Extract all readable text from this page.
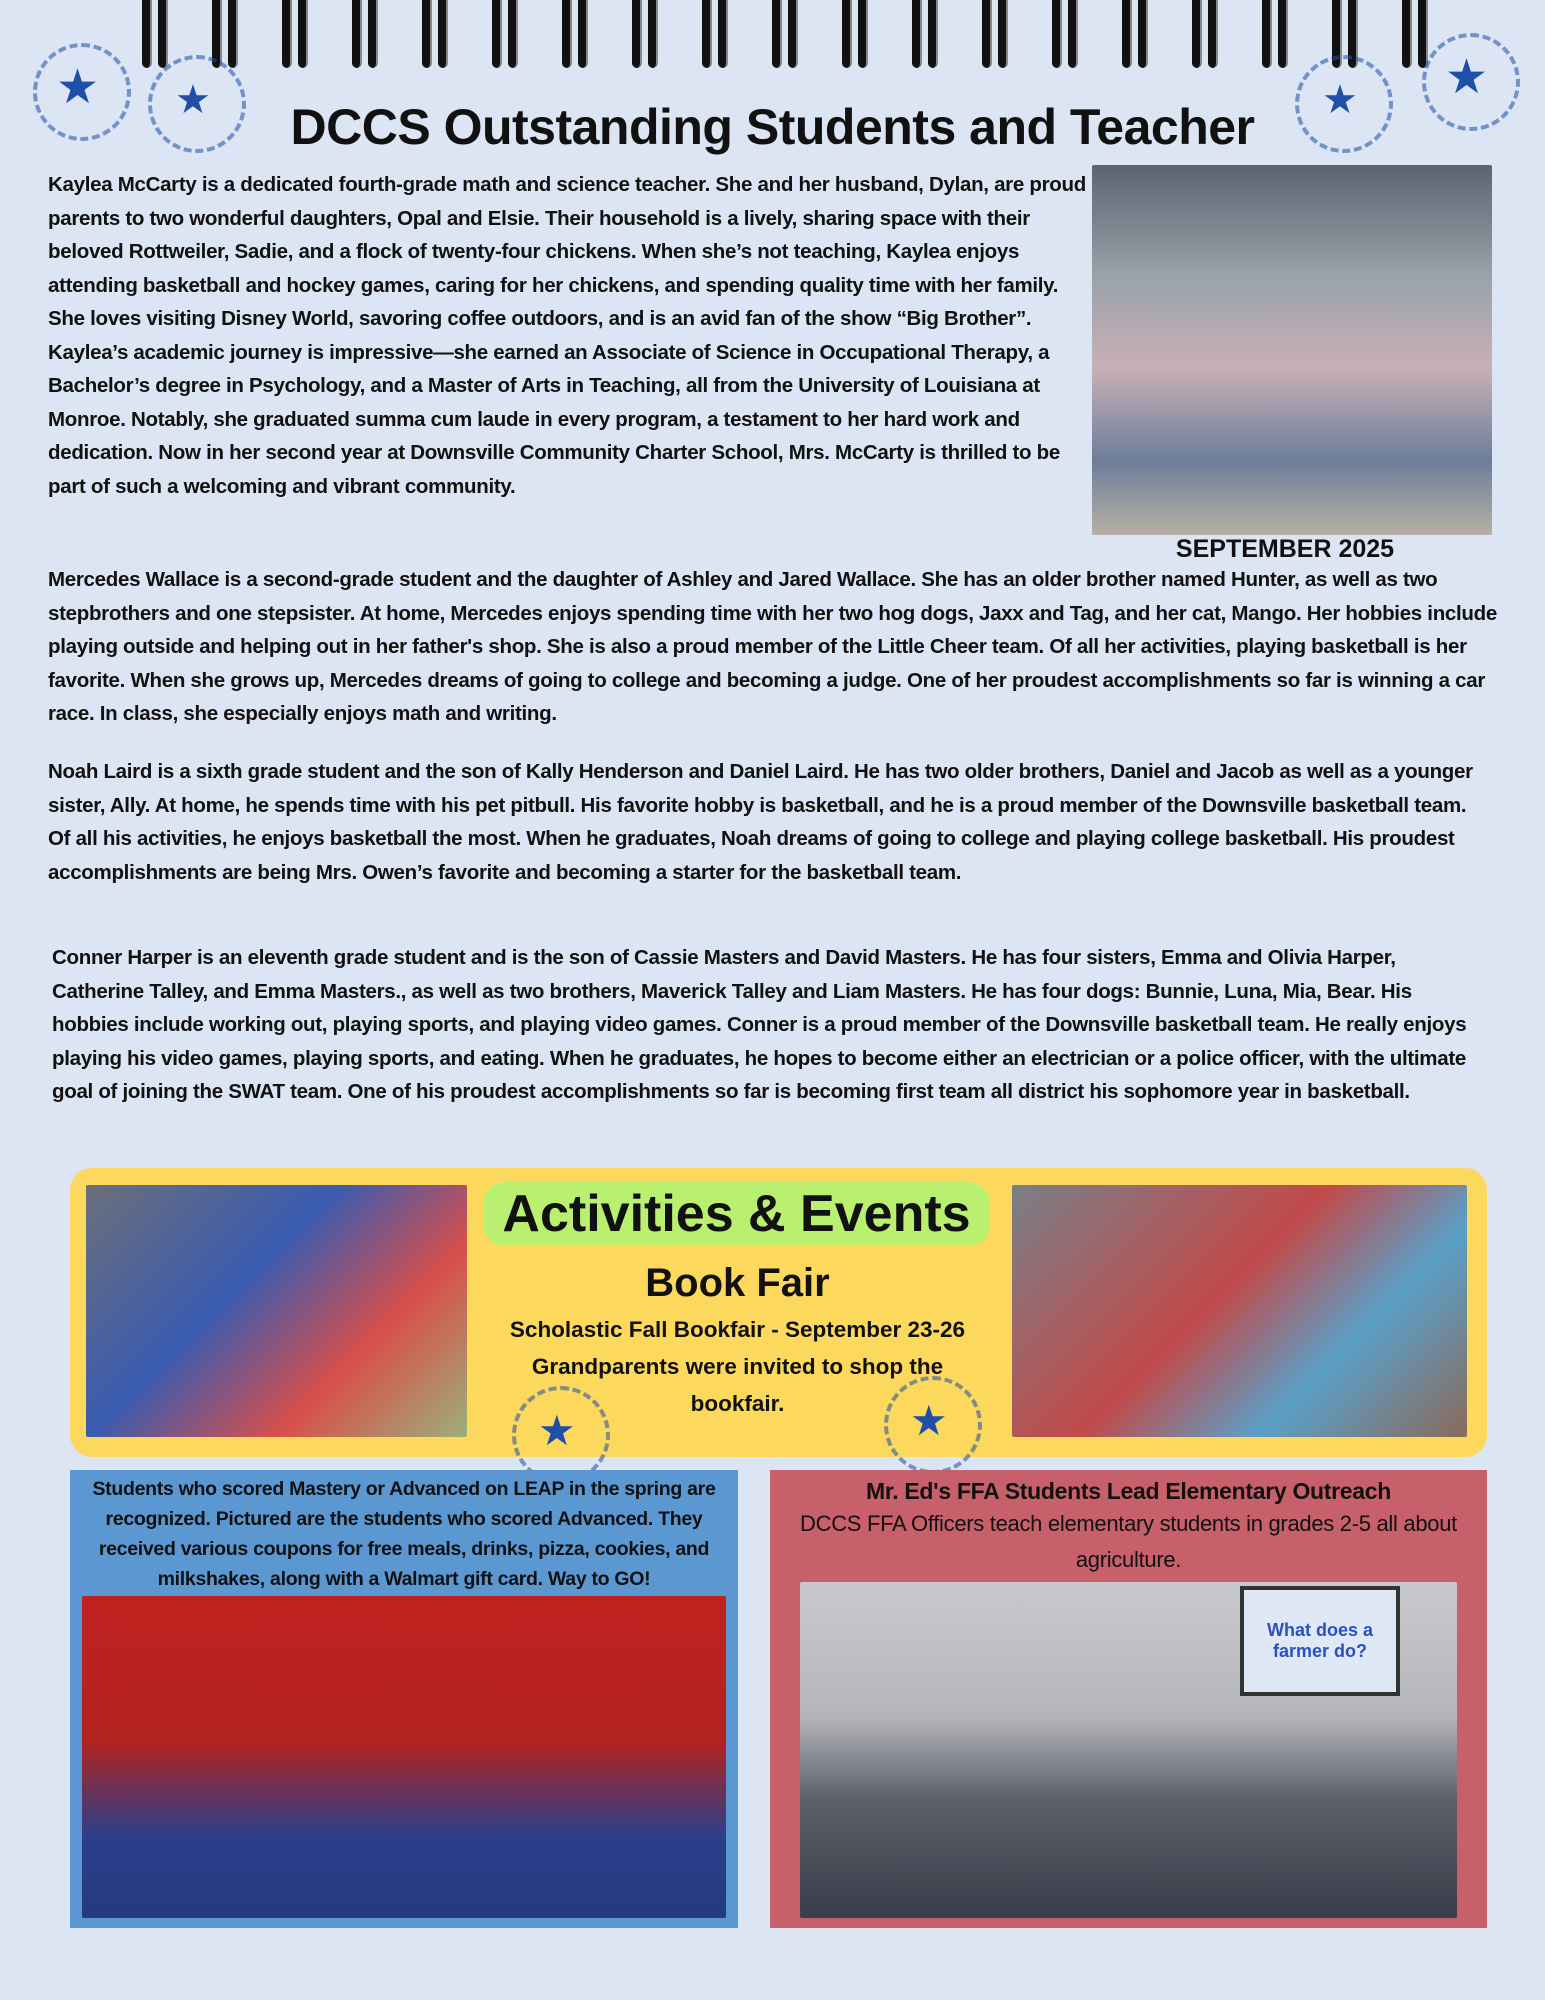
★ ★	★ ★
DCCS Outstanding Students and Teacher
Kaylea McCarty is a dedicated fourth-grade math and science teacher. She and her husband, Dylan, are proud parents to two wonderful daughters, Opal and Elsie. Their household is a lively, sharing space with their beloved Rottweiler, Sadie, and a flock of twenty-four chickens. When she’s not teaching, Kaylea enjoys attending basketball and hockey games, caring for her chickens, and spending quality time with her family. She loves visiting Disney World, savoring coffee outdoors, and is an avid fan of the show “Big Brother”. Kaylea’s academic journey is impressive—she earned an Associate of Science in Occupational Therapy, a Bachelor’s degree in Psychology, and a Master of Arts in Teaching, all from the University of Louisiana at Monroe. Notably, she graduated summa cum laude in every program, a testament to her hard work and dedication. Now in her second year at Downsville Community Charter School, Mrs. McCarty is thrilled to be part of such a welcoming and vibrant community.
SEPTEMBER 2025
Mercedes Wallace is a second-grade student and the daughter of Ashley and Jared Wallace. She has an older brother named Hunter, as well as two stepbrothers and one stepsister. At home, Mercedes enjoys spending time with her two hog dogs, Jaxx and Tag, and her cat, Mango. Her hobbies include playing outside and helping out in her father's shop. She is also a proud member of the Little Cheer team. Of all her activities, playing basketball is her favorite. When she grows up, Mercedes dreams of going to college and becoming a judge. One of her proudest accomplishments so far is winning a car race. In class, she especially enjoys math and writing.
Noah Laird is a sixth grade student and the son of Kally Henderson and Daniel Laird. He has two older brothers, Daniel and Jacob as well as a younger sister, Ally. At home, he spends time with his pet pitbull. His favorite hobby is basketball, and he is a proud member of the Downsville basketball team. Of all his activities, he enjoys basketball the most. When he graduates, Noah dreams of going to college and playing college basketball. His proudest accomplishments are being Mrs. Owen’s favorite and becoming a starter for the basketball team.
Conner Harper is an eleventh grade student and is the son of Cassie Masters and David Masters. He has four sisters, Emma and Olivia Harper, Catherine Talley, and Emma Masters., as well as two brothers, Maverick Talley and Liam Masters. He has four dogs: Bunnie, Luna, Mia, Bear. His hobbies include working out, playing sports, and playing video games. Conner is a proud member of the Downsville basketball team. He really enjoys playing his video games, playing sports, and eating. When he graduates, he hopes to become either an electrician or a police officer, with the ultimate goal of joining the SWAT team. One of his proudest accomplishments so far is becoming first team all district his sophomore year in basketball.
Activities & Events
Book Fair
Scholastic Fall Bookfair - September 23-26
Grandparents were invited to shop the bookfair.
★	★
Students who scored Mastery or Advanced on LEAP in the spring are recognized. Pictured are the students who scored Advanced. They received various coupons for free meals, drinks, pizza, cookies, and milkshakes, along with a Walmart gift card. Way to GO!
Mr. Ed's FFA Students Lead Elementary Outreach
DCCS FFA Officers teach elementary students in grades 2-5 all about agriculture.
What does a farmer do?
